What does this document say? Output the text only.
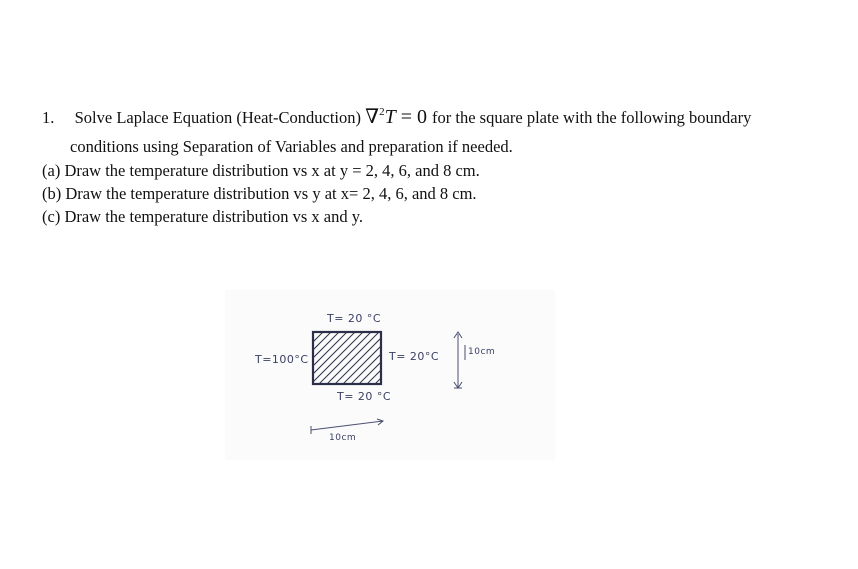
1. Solve Laplace Equation (Heat-Conduction) ∇$^2$T = 0 for the square plate with the following boundary
conditions using Separation of Variables and preparation if needed.
(a) Draw the temperature distribution vs x at y = 2, 4, 6, and 8 cm.
(b) Draw the temperature distribution vs y at x= 2, 4, 6, and 8 cm.
(c) Draw the temperature distribution vs x and y.
T= 20 °C
T=100°C	T= 20°C
T= 20 °C
10cm
10cm
